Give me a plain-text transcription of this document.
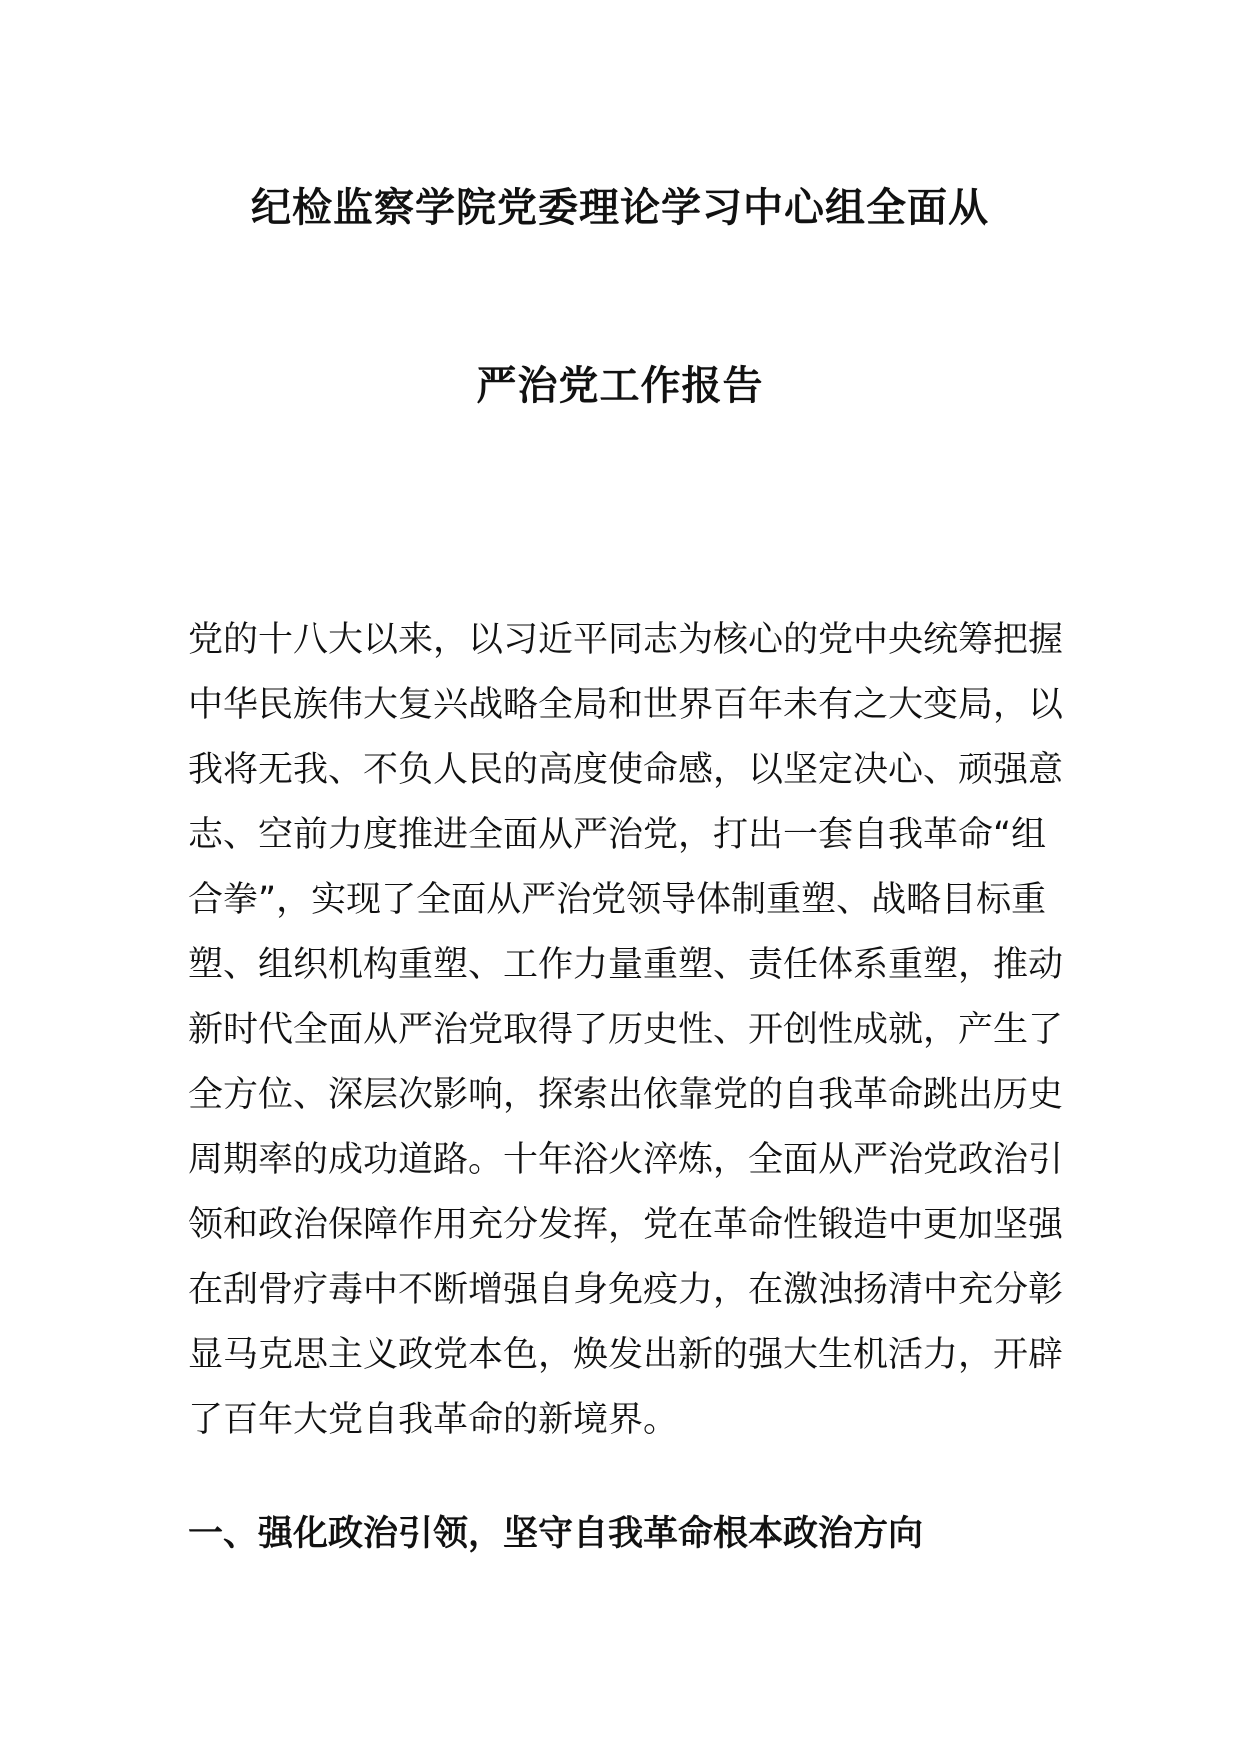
纪检监察学院党委理论学习中心组全面从
严治党工作报告
党的十八大以来，以习近平同志为核心的党中央统筹把握
中华民族伟大复兴战略全局和世界百年未有之大变局，以
我将无我、不负人民的高度使命感，以坚定决心、顽强意
志、空前力度推进全面从严治党，打出一套自我革命“组
合拳”，实现了全面从严治党领导体制重塑、战略目标重
塑、组织机构重塑、工作力量重塑、责任体系重塑，推动
新时代全面从严治党取得了历史性、开创性成就，产生了
全方位、深层次影响，探索出依靠党的自我革命跳出历史
周期率的成功道路。十年浴火淬炼，全面从严治党政治引
领和政治保障作用充分发挥，党在革命性锻造中更加坚强
在刮骨疗毒中不断增强自身免疫力，在激浊扬清中充分彰
显马克思主义政党本色，焕发出新的强大生机活力，开辟
了百年大党自我革命的新境界。
一、强化政治引领，坚守自我革命根本政治方向
